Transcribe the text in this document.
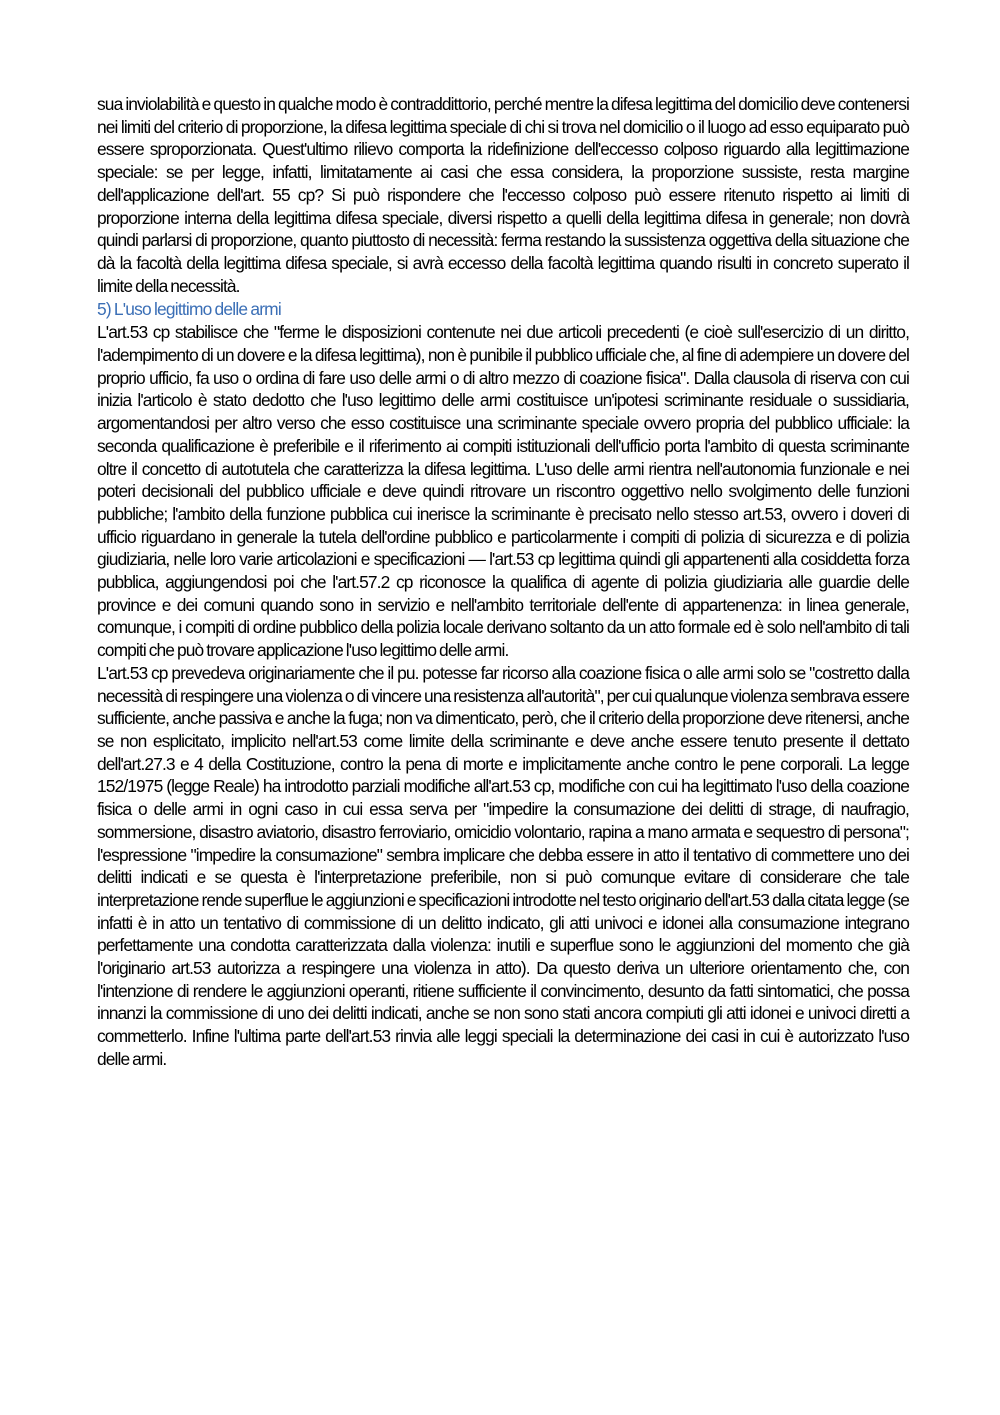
sua inviolabilità e questo in qualche modo è contraddittorio, perché mentre la difesa legittima del domicilio deve contenersi nei limiti del criterio di proporzione, la difesa legittima speciale di chi si trova nel domicilio o il luogo ad esso equiparato può essere sproporzionata. Quest'ultimo rilievo comporta la ridefinizione dell'eccesso colposo riguardo alla legittimazione speciale: se per legge, infatti, limitatamente ai casi che essa considera, la proporzione sussiste, resta margine dell'applicazione dell'art. 55 cp? Si può rispondere che l'eccesso colposo può essere ritenuto rispetto ai limiti di proporzione interna della legittima difesa speciale, diversi rispetto a quelli della legittima difesa in generale; non dovrà quindi parlarsi di proporzione, quanto piuttosto di necessità: ferma restando la sussistenza oggettiva della situazione che dà la facoltà della legittima difesa speciale, si avrà eccesso della facoltà legittima quando risulti in concreto superato il limite della necessità.

5) L'uso legittimo delle armi

L'art.53 cp stabilisce che "ferme le disposizioni contenute nei due articoli precedenti (e cioè sull'esercizio di un diritto, l'adempimento di un dovere e la difesa legittima), non è punibile il pubblico ufficiale che, al fine di adempiere un dovere del proprio ufficio, fa uso o ordina di fare uso delle armi o di altro mezzo di coazione fisica". Dalla clausola di riserva con cui inizia l'articolo è stato dedotto che l'uso legittimo delle armi costituisce un'ipotesi scriminante residuale o sussidiaria, argomentandosi per altro verso che esso costituisce una scriminante speciale ovvero propria del pubblico ufficiale: la seconda qualificazione è preferibile e il riferimento ai compiti istituzionali dell'ufficio porta l'ambito di questa scriminante oltre il concetto di autotutela che caratterizza la difesa legittima. L'uso delle armi rientra nell'autonomia funzionale e nei poteri decisionali del pubblico ufficiale e deve quindi ritrovare un riscontro oggettivo nello svolgimento delle funzioni pubbliche; l'ambito della funzione pubblica cui inerisce la scriminante è precisato nello stesso art.53, ovvero i doveri di ufficio riguardano in generale la tutela dell'ordine pubblico e particolarmente i compiti di polizia di sicurezza e di polizia giudiziaria, nelle loro varie articolazioni e specificazioni — l'art.53 cp legittima quindi gli appartenenti alla cosiddetta forza pubblica, aggiungendosi poi che l'art.57.2 cp riconosce la qualifica di agente di polizia giudiziaria alle guardie delle province e dei comuni quando sono in servizio e nell'ambito territoriale dell'ente di appartenenza: in linea generale, comunque, i compiti di ordine pubblico della polizia locale derivano soltanto da un atto formale ed è solo nell'ambito di tali compiti che può trovare applicazione l'uso legittimo delle armi.

L'art.53 cp prevedeva originariamente che il pu. potesse far ricorso alla coazione fisica o alle armi solo se "costretto dalla necessità di respingere una violenza o di vincere una resistenza all'autorità", per cui qualunque violenza sembrava essere sufficiente, anche passiva e anche la fuga; non va dimenticato, però, che il criterio della proporzione deve ritenersi, anche se non esplicitato, implicito nell'art.53 come limite della scriminante e deve anche essere tenuto presente il dettato dell'art.27.3 e 4 della Costituzione, contro la pena di morte e implicitamente anche contro le pene corporali. La legge 152/1975 (legge Reale) ha introdotto parziali modifiche all'art.53 cp, modifiche con cui ha legittimato l'uso della coazione fisica o delle armi in ogni caso in cui essa serva per "impedire la consumazione dei delitti di strage, di naufragio, sommersione, disastro aviatorio, disastro ferroviario, omicidio volontario, rapina a mano armata e sequestro di persona"; l'espressione "impedire la consumazione" sembra implicare che debba essere in atto il tentativo di commettere uno dei delitti indicati e se questa è l'interpretazione preferibile, non si può comunque evitare di considerare che tale interpretazione rende superflue le aggiunzioni e specificazioni introdotte nel testo originario dell'art.53 dalla citata legge (se infatti è in atto un tentativo di commissione di un delitto indicato, gli atti univoci e idonei alla consumazione integrano perfettamente una condotta caratterizzata dalla violenza: inutili e superflue sono le aggiunzioni del momento che già l'originario art.53 autorizza a respingere una violenza in atto). Da questo deriva un ulteriore orientamento che, con l'intenzione di rendere le aggiunzioni operanti, ritiene sufficiente il convincimento, desunto da fatti sintomatici, che possa innanzi la commissione di uno dei delitti indicati, anche se non sono stati ancora compiuti gli atti idonei e univoci diretti a commetterlo. Infine l'ultima parte dell'art.53 rinvia alle leggi speciali la determinazione dei casi in cui è autorizzato l'uso delle armi.
